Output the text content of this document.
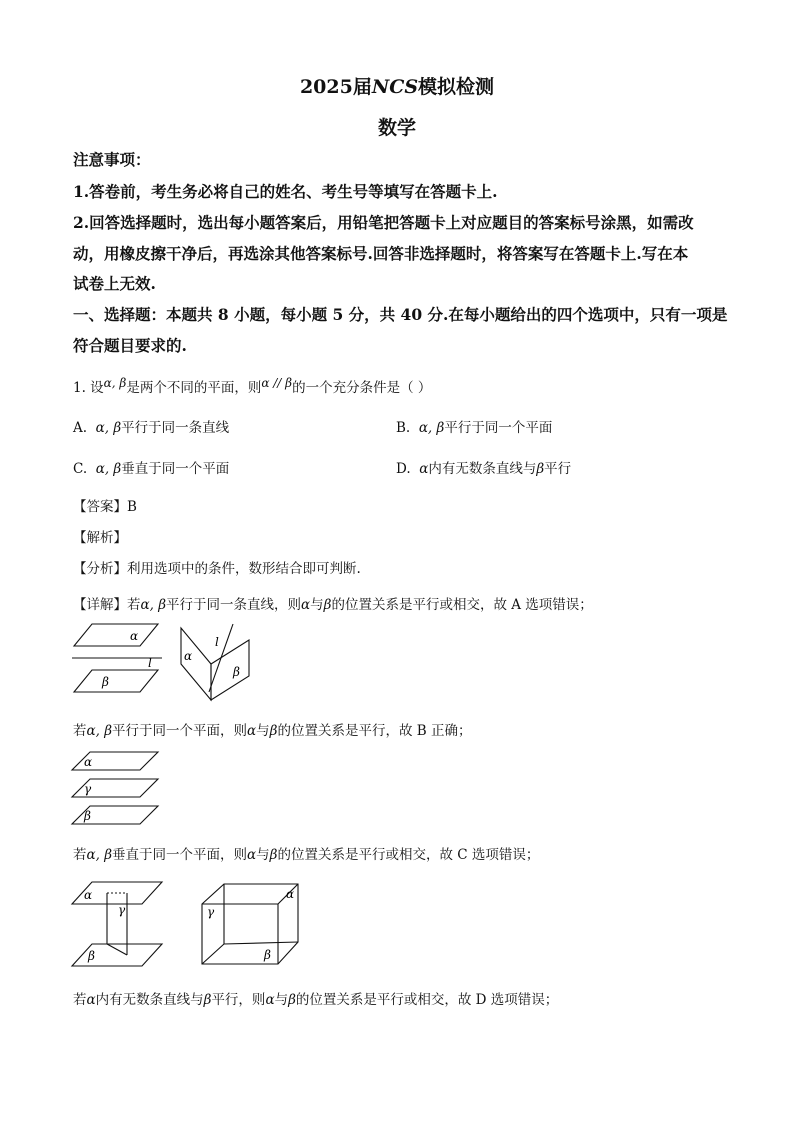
2025届NCS模拟检测
数学
注意事项：
1.答卷前，考生务必将自己的姓名、考生号等填写在答题卡上.
2.回答选择题时，选出每小题答案后，用铅笔把答题卡上对应题目的答案标号涂黑，如需改
动，用橡皮擦干净后，再选涂其他答案标号.回答非选择题时，将答案写在答题卡上.写在本
试卷上无效.
一、选择题：本题共 8 小题，每小题 5 分，共 40 分.在每小题给出的四个选项中，只有一项是
符合题目要求的.
1. 设α, β是两个不同的平面，则α // β的一个充分条件是（ ）
A. α, β平行于同一条直线	B. α, β平行于同一个平面
C. α, β垂直于同一个平面	D. α内有无数条直线与β平行
【答案】B
【解析】
【分析】利用选项中的条件，数形结合即可判断.
【详解】若α, β平行于同一条直线，则α与β的位置关系是平行或相交，故 A 选项错误；
α
l
β
α
l
β
若α, β平行于同一个平面，则α与β的位置关系是平行，故 B 正确；
α
γ
β
若α, β垂直于同一个平面，则α与β的位置关系是平行或相交，故 C 选项错误；
α
γ
β
α
γ
β
若α内有无数条直线与β平行，则α与β的位置关系是平行或相交，故 D 选项错误；
